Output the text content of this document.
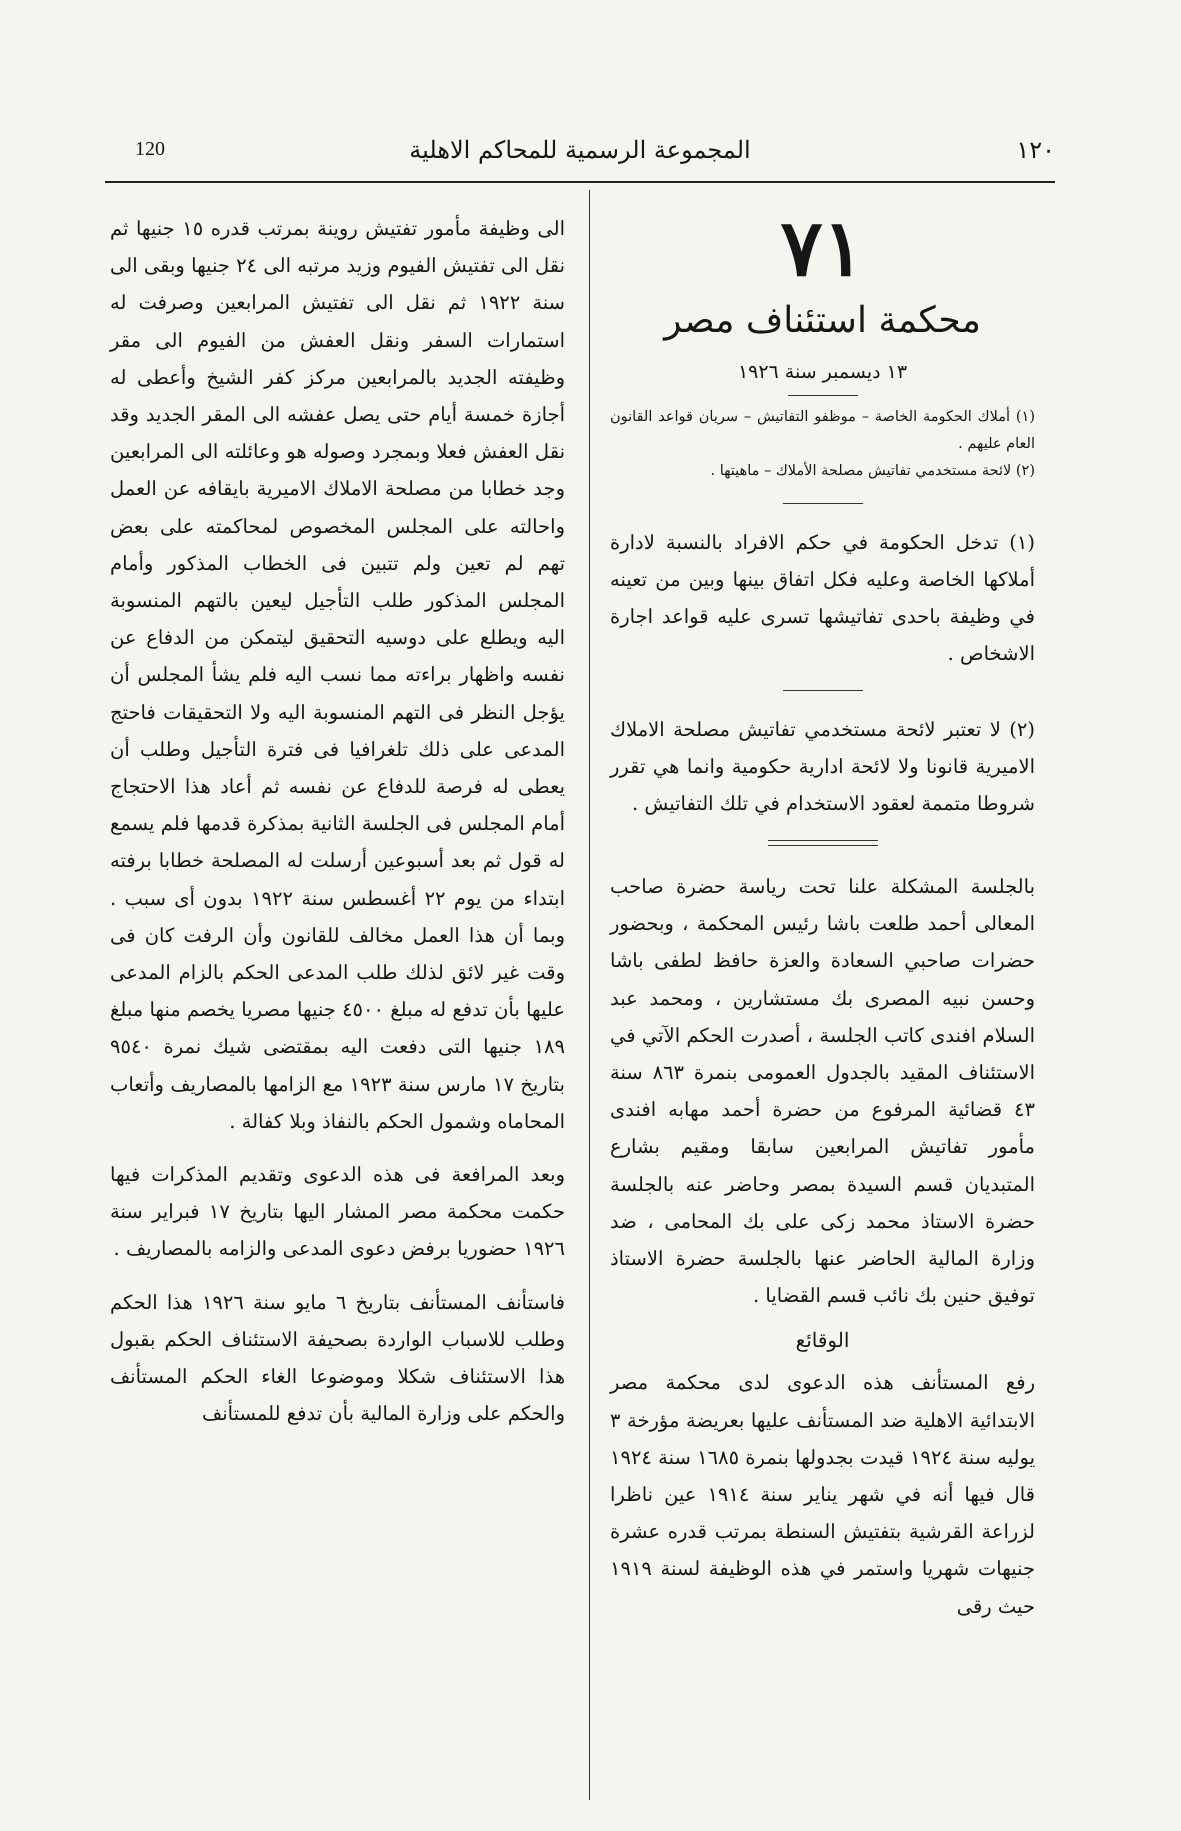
120	المجموعة الرسمية للمحاكم الاهلية	١٢٠
٧١
محكمة استئناف مصر
١٣ ديسمبر سنة ١٩٢٦

(١) أملاك الحكومة الخاصة – موظفو التفاتيش – سريان قواعد القانون العام عليهم .

(٢) لائحة مستخدمي تفاتيش مصلحة الأملاك – ماهيتها .

(١) تدخل الحكومة في حكم الافراد بالنسبة لادارة أملاكها الخاصة وعليه فكل اتفاق بينها وبين من تعينه في وظيفة باحدى تفاتيشها تسرى عليه قواعد اجارة الاشخاص .

(٢) لا تعتبر لائحة مستخدمي تفاتيش مصلحة الاملاك الاميرية قانونا ولا لائحة ادارية حكومية وانما هي تقرر شروطا متممة لعقود الاستخدام في تلك التفاتيش .

بالجلسة المشكلة علنا تحت رياسة حضرة صاحب المعالى أحمد طلعت باشا رئيس المحكمة ، وبحضور حضرات صاحبي السعادة والعزة حافظ لطفى باشا وحسن نبيه المصرى بك مستشارين ، ومحمد عبد السلام افندى كاتب الجلسة ، أصدرت الحكم الآتي في الاستئناف المقيد بالجدول العمومى بنمرة ٨٦٣ سنة ٤٣ قضائية المرفوع من حضرة أحمد مهابه افندى مأمور تفاتيش المرابعين سابقا ومقيم بشارع المتبديان قسم السيدة بمصر وحاضر عنه بالجلسة حضرة الاستاذ محمد زكى على بك المحامى ، ضد وزارة المالية الحاضر عنها بالجلسة حضرة الاستاذ توفيق حنين بك نائب قسم القضايا .

الوقائع

رفع المستأنف هذه الدعوى لدى محكمة مصر الابتدائية الاهلية ضد المستأنف عليها بعريضة مؤرخة ٣ يوليه سنة ١٩٢٤ قيدت بجدولها بنمرة ١٦٨٥ سنة ١٩٢٤ قال فيها أنه في شهر يناير سنة ١٩١٤ عين ناظرا لزراعة القرشية بتفتيش السنطة بمرتب قدره عشرة جنيهات شهريا واستمر في هذه الوظيفة لسنة ١٩١٩ حيث رقى

الى وظيفة مأمور تفتيش روينة بمرتب قدره ١٥ جنيها ثم نقل الى تفتيش الفيوم وزيد مرتبه الى ٢٤ جنيها وبقى الى سنة ١٩٢٢ ثم نقل الى تفتيش المرابعين وصرفت له استمارات السفر ونقل العفش من الفيوم الى مقر وظيفته الجديد بالمرابعين مركز كفر الشيخ وأعطى له أجازة خمسة أيام حتى يصل عفشه الى المقر الجديد وقد نقل العفش فعلا وبمجرد وصوله هو وعائلته الى المرابعين وجد خطابا من مصلحة الاملاك الاميرية بايقافه عن العمل واحالته على المجلس المخصوص لمحاكمته على بعض تهم لم تعين ولم تتبين فى الخطاب المذكور وأمام المجلس المذكور طلب التأجيل ليعين بالتهم المنسوبة اليه ويطلع على دوسيه التحقيق ليتمكن من الدفاع عن نفسه واظهار براءته مما نسب اليه فلم يشأ المجلس أن يؤجل النظر فى التهم المنسوبة اليه ولا التحقيقات فاحتج المدعى على ذلك تلغرافيا فى فترة التأجيل وطلب أن يعطى له فرصة للدفاع عن نفسه ثم أعاد هذا الاحتجاج أمام المجلس فى الجلسة الثانية بمذكرة قدمها فلم يسمع له قول ثم بعد أسبوعين أرسلت له المصلحة خطابا برفته ابتداء من يوم ٢٢ أغسطس سنة ١٩٢٢ بدون أى سبب . وبما أن هذا العمل مخالف للقانون وأن الرفت كان فى وقت غير لائق لذلك طلب المدعى الحكم بالزام المدعى عليها بأن تدفع له مبلغ ٤٥٠٠ جنيها مصريا يخصم منها مبلغ ١٨٩ جنيها التى دفعت اليه بمقتضى شيك نمرة ٩٥٤٠ بتاريخ ١٧ مارس سنة ١٩٢٣ مع الزامها بالمصاريف وأتعاب المحاماه وشمول الحكم بالنفاذ وبلا كفالة .

وبعد المرافعة فى هذه الدعوى وتقديم المذكرات فيها حكمت محكمة مصر المشار اليها بتاريخ ١٧ فبراير سنة ١٩٢٦ حضوريا برفض دعوى المدعى والزامه بالمصاريف .

فاستأنف المستأنف بتاريخ ٦ مايو سنة ١٩٢٦ هذا الحكم وطلب للاسباب الواردة بصحيفة الاستئناف الحكم بقبول هذا الاستئناف شكلا وموضوعا الغاء الحكم المستأنف والحكم على وزارة المالية بأن تدفع للمستأنف
